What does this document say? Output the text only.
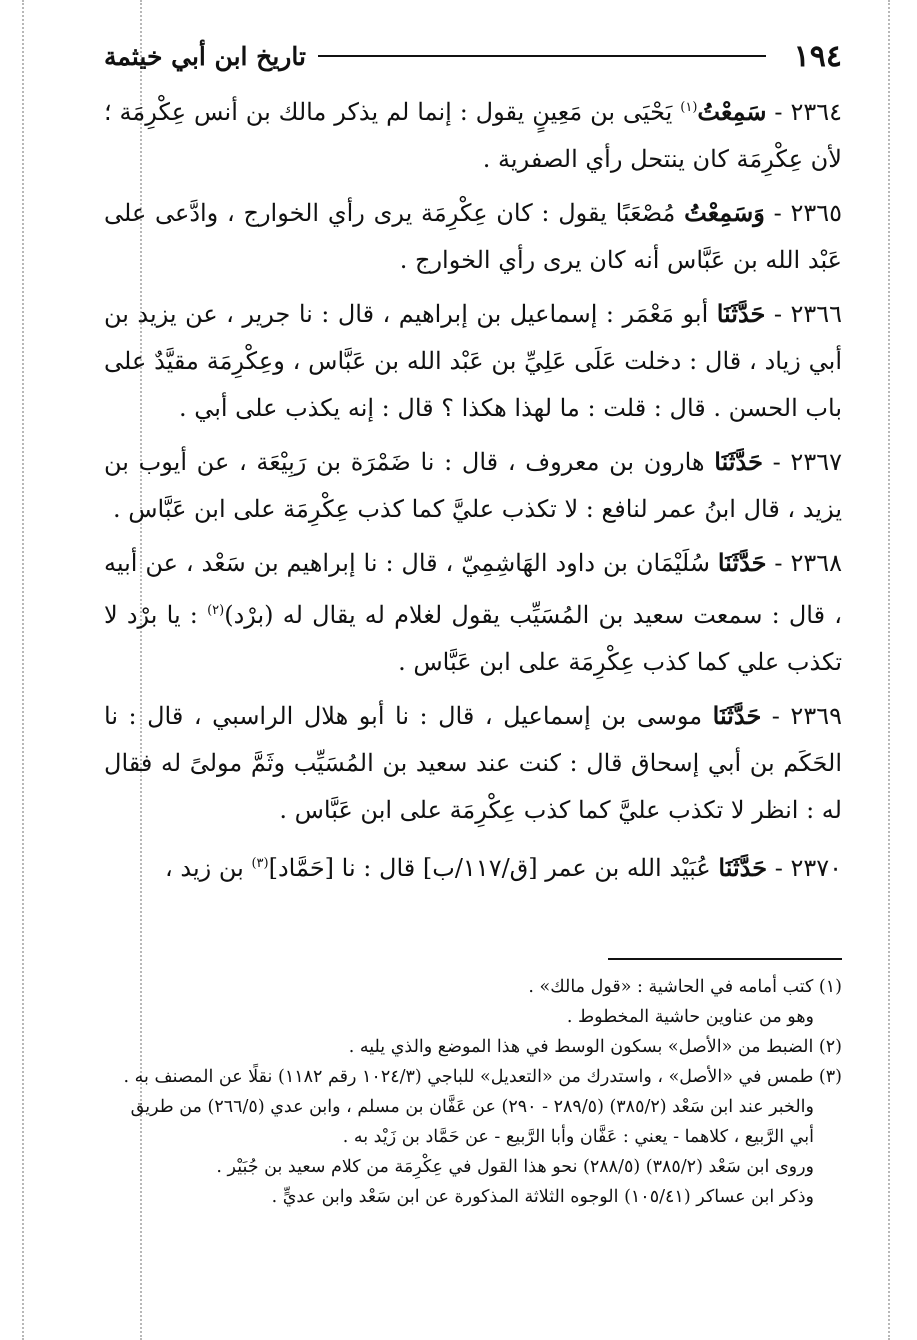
١٩٤
تاريخ ابن أبي خيثمة

٢٣٦٤ - سَمِعْتُ$^{(١)}$ يَحْيَى بن مَعِينٍ يقول : إنما لم يذكر مالك بن أنس عِكْرِمَة ؛ لأن عِكْرِمَة كان ينتحل رأي الصفرية .

٢٣٦٥ - وَسَمِعْتُ مُصْعَبًا يقول : كان عِكْرِمَة يرى رأي الخوارج ، وادَّعى على عَبْد الله بن عَبَّاس أنه كان يرى رأي الخوارج .

٢٣٦٦ - حَدَّثَنَا أبو مَعْمَر : إسماعيل بن إبراهيم ، قال : نا جرير ، عن يزيد بن أبي زياد ، قال : دخلت عَلَى عَلِيِّ بن عَبْد الله بن عَبَّاس ، وعِكْرِمَة مقيَّدٌ على باب الحسن . قال : قلت : ما لهذا هكذا ؟ قال : إنه يكذب على أبي .

٢٣٦٧ - حَدَّثَنَا هارون بن معروف ، قال : نا ضَمْرَة بن رَبِيْعَة ، عن أيوب بن يزيد ، قال ابنُ عمر لنافع : لا تكذب عليَّ كما كذب عِكْرِمَة على ابن عَبَّاس .

٢٣٦٨ - حَدَّثَنَا سُلَيْمَان بن داود الهَاشِمِيّ ، قال : نا إبراهيم بن سَعْد ، عن أبيه ، قال : سمعت سعيد بن المُسَيِّب يقول لغلام له يقال له (برْد)$^{(٢)}$ : يا برْد لا تكذب علي كما كذب عِكْرِمَة على ابن عَبَّاس .

٢٣٦٩ - حَدَّثَنَا موسى بن إسماعيل ، قال : نا أبو هلال الراسبي ، قال : نا الحَكَم بن أبي إسحاق قال : كنت عند سعيد بن المُسَيِّب وثَمَّ مولىً له فقال له : انظر لا تكذب عليَّ كما كذب عِكْرِمَة على ابن عَبَّاس .

٢٣٧٠ - حَدَّثَنَا عُبَيْد الله بن عمر [ق/١١٧/ب] قال : نا [حَمَّاد]$^{(٣)}$ بن زيد ،

(١) كتب أمامه في الحاشية : «قول مالك» .

وهو من عناوين حاشية المخطوط .

(٢) الضبط من «الأصل» بسكون الوسط في هذا الموضع والذي يليه .

(٣) طمس في «الأصل» ، واستدرك من «التعديل» للباجي (١٠٢٤/٣ رقم ١١٨٢) نقلًا عن المصنف به .

والخبر عند ابن سَعْد (٣٨٥/٢) (٢٨٩/٥ - ٢٩٠) عن عَفَّان بن مسلم ، وابن عدي (٢٦٦/٥) من طريق أبي الرَّبيع ، كلاهما - يعني : عَفَّان وأبا الرَّبيع - عن حَمَّاد بن زَيْد به .

وروى ابن سَعْد (٣٨٥/٢) (٢٨٨/٥) نحو هذا القول في عِكْرِمَة من كلام سعيد بن جُبَيْر .

وذكر ابن عساكر (١٠٥/٤١) الوجوه الثلاثة المذكورة عن ابن سَعْد وابن عديٍّ .
